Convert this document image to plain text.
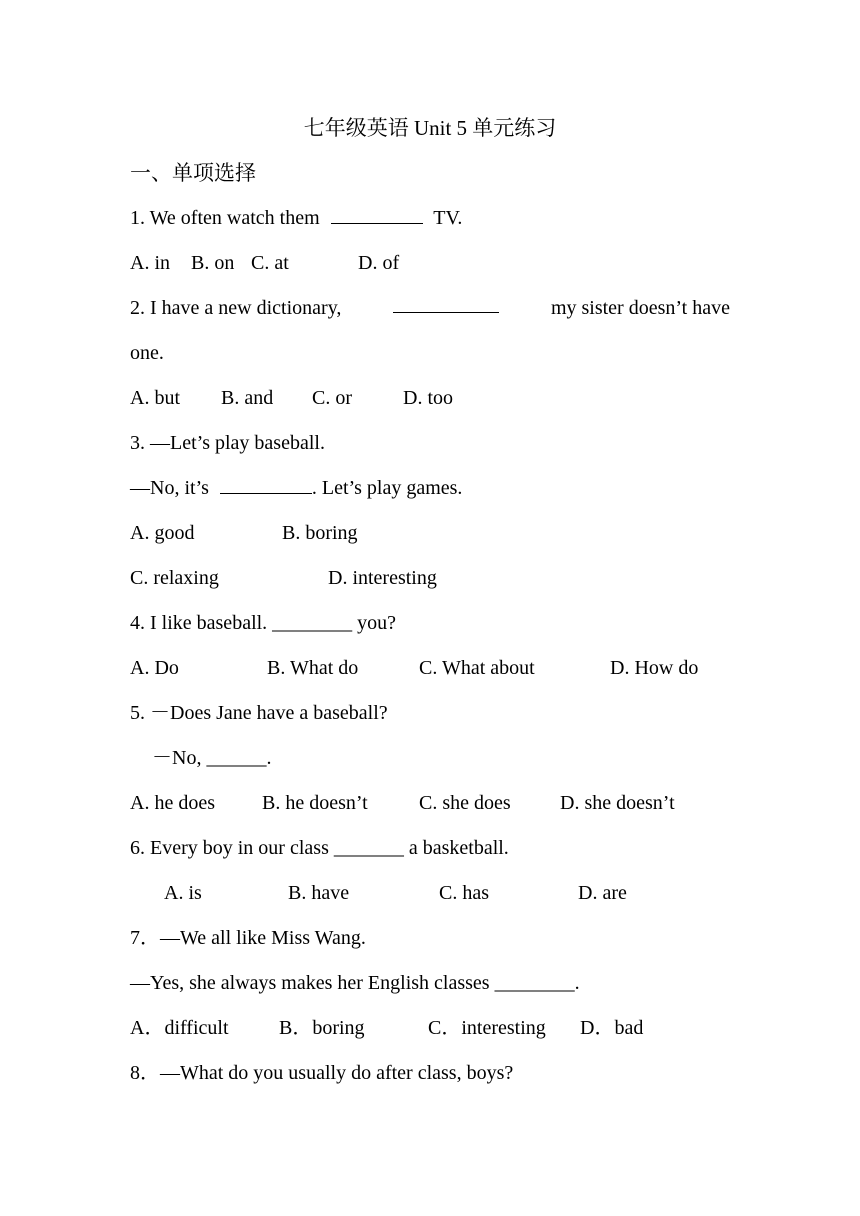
七年级英语 Unit 5 单元练习
一、单项选择
1. We often watch them	TV.
A. in B. on C. at	D. of
2. I have a new dictionary,	my sister doesn’t have
one.
A. but B. and C. or	D. too
3. —Let’s play baseball.
—No, it’s	. Let’s play games.
A. good	B. boring
C. relaxing	D. interesting
4. I like baseball. ________ you?
A. Do	B. What do	C. What about	D. How do
5. －Does Jane have a baseball?
－No, ______.
A. he does B. he doesn’t	C. she does D. she doesn’t
6. Every boy in our class _______ a basketball.
A. is	B. have	C. has	D. are
7．—We all like Miss Wang.
—Yes, she always makes her English classes ________.
A．difficult	B．boring	C．interesting D．bad
8．—What do you usually do after class, boys?
